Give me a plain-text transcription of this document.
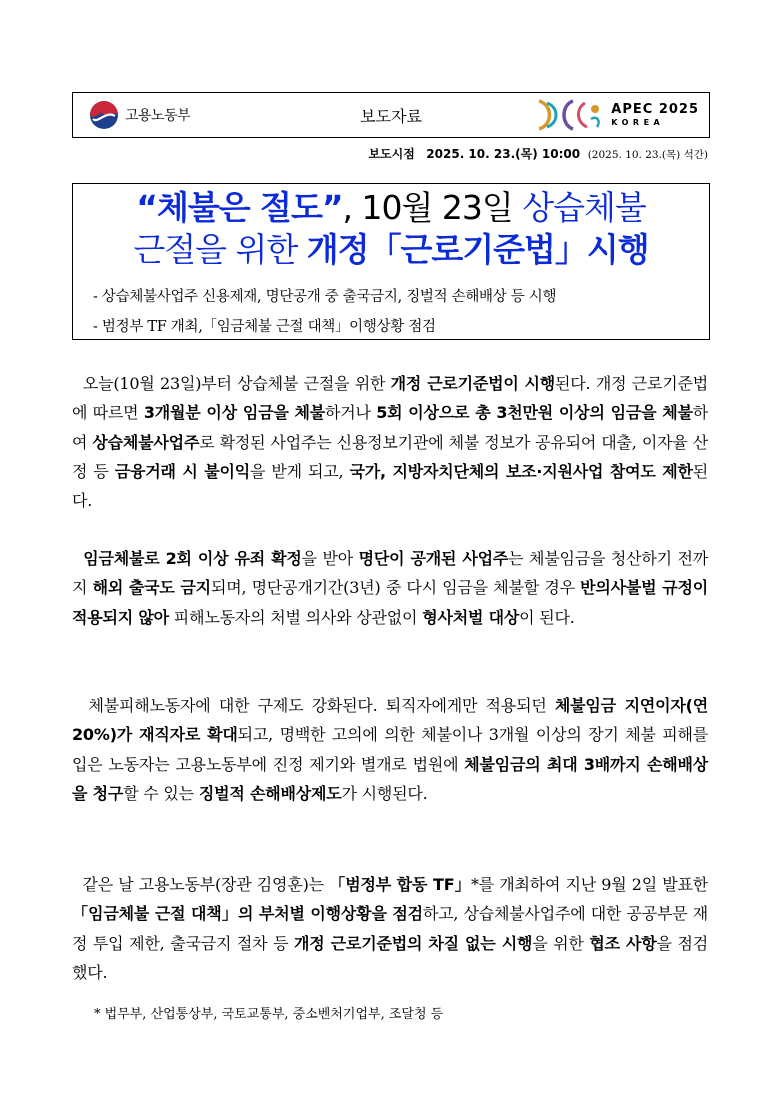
고용노동부	보도자료	APEC 2025
KOREA
보도시점 2025. 10. 23.(목) 10:00 (2025. 10. 23.(목) 석간)
“체불은 절도”, 10월 23일 상습체불
근절을 위한 개정「근로기준법」시행
- 상습체불사업주 신용제재, 명단공개 중 출국금지, 징벌적 손해배상 등 시행
- 범정부 TF 개최,「임금체불 근절 대책」이행상황 점검

오늘(10월 23일)부터 상습체불 근절을 위한 개정 근로기준법이 시행된다. 개정 근로기준법에 따르면 3개월분 이상 임금을 체불하거나 5회 이상으로 총 3천만원 이상의 임금을 체불하여 상습체불사업주로 확정된 사업주는 신용정보기관에 체불 정보가 공유되어 대출, 이자율 산정 등 금융거래 시 불이익을 받게 되고, 국가, 지방자치단체의 보조·지원사업 참여도 제한된다.

임금체불로 2회 이상 유죄 확정을 받아 명단이 공개된 사업주는 체불임금을 청산하기 전까지 해외 출국도 금지되며, 명단공개기간(3년) 중 다시 임금을 체불할 경우 반의사불벌 규정이 적용되지 않아 피해노동자의 처벌 의사와 상관없이 형사처벌 대상이 된다.

체불피해노동자에 대한 구제도 강화된다. 퇴직자에게만 적용되던 체불임금 지연이자(연 20%)가 재직자로 확대되고, 명백한 고의에 의한 체불이나 3개월 이상의 장기 체불 피해를 입은 노동자는 고용노동부에 진정 제기와 별개로 법원에 체불임금의 최대 3배까지 손해배상을 청구할 수 있는 징벌적 손해배상제도가 시행된다.

같은 날 고용노동부(장관 김영훈)는 「범정부 합동 TF」*를 개최하여 지난 9월 2일 발표한 「임금체불 근절 대책」의 부처별 이행상황을 점검하고, 상습체불사업주에 대한 공공부문 재정 투입 제한, 출국금지 절차 등 개정 근로기준법의 차질 없는 시행을 위한 협조 사항을 점검했다.

* 법무부, 산업통상부, 국토교통부, 중소벤처기업부, 조달청 등
